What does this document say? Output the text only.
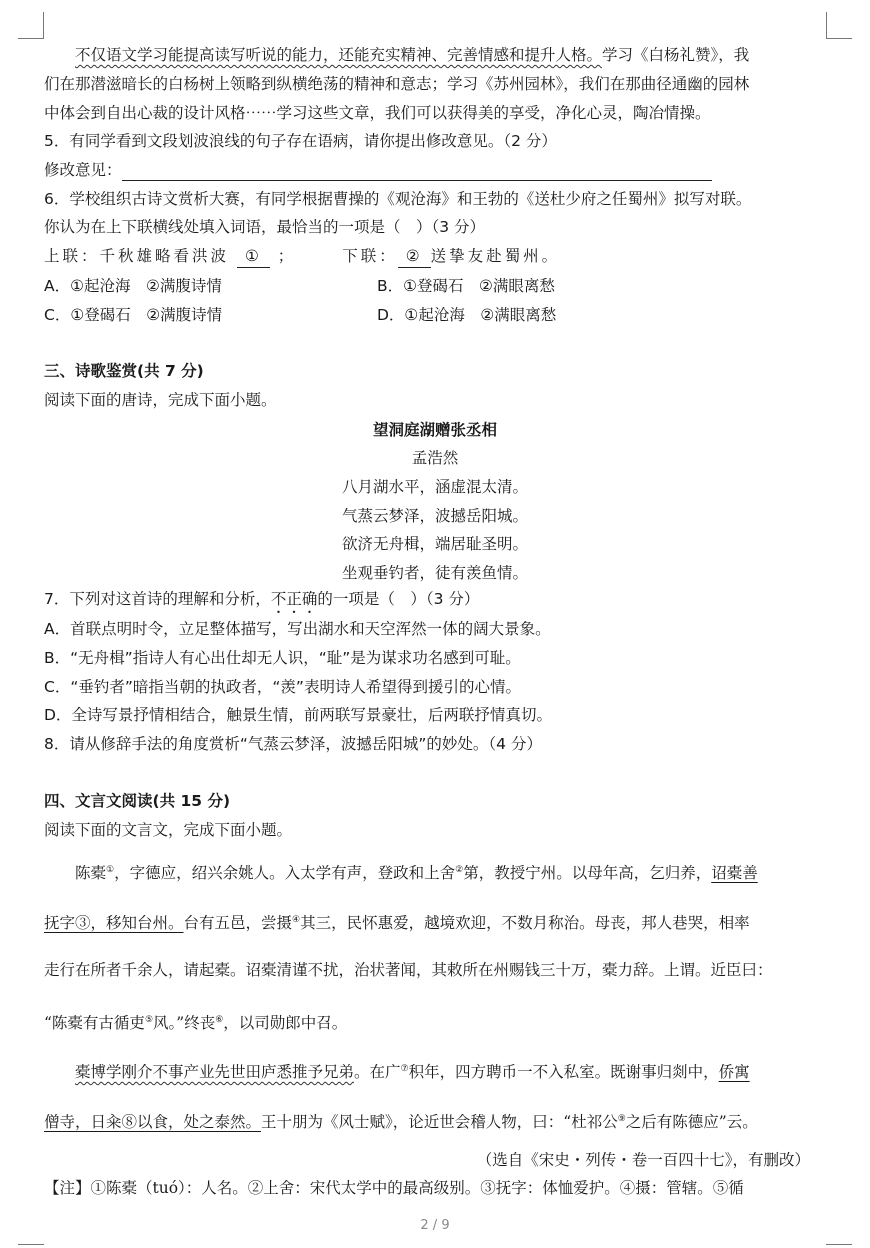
不仅语文学习能提高读写听说的能力，还能充实精神、完善情感和提升人格。学习《白杨礼赞》，我
们在那潜滋暗长的白杨树上领略到纵横绝荡的精神和意志；学习《苏州园林》，我们在那曲径通幽的园林
中体会到自出心裁的设计风格⋯⋯学习这些文章，我们可以获得美的享受，净化心灵，陶冶情操。
5．有同学看到文段划波浪线的句子存在语病，请你提出修改意见。（2 分）
修改意见：
6．学校组织古诗文赏析大赛，有同学根据曹操的《观沧海》和王勃的《送杜少府之任蜀州》拟写对联。
你认为在上下联横线处填入词语，最恰当的一项是（　）（3 分）
上联：千秋雄略看洪波 ① ；	下联： ② 送挚友赴蜀州。
A．①起沧海　②满腹诗情	B．①登碣石　②满眼离愁
C．①登碣石　②满腹诗情	D．①起沧海　②满眼离愁
三、诗歌鉴赏(共 7 分)
阅读下面的唐诗，完成下面小题。
望洞庭湖赠张丞相
孟浩然
八月湖水平，涵虚混太清。
气蒸云梦泽，波撼岳阳城。
欲济无舟楫，端居耻圣明。
坐观垂钓者，徒有羡鱼情。
7．下列对这首诗的理解和分析，不正确的一项是（　）（3 分）
A．首联点明时令，立足整体描写，写出湖水和天空浑然一体的阔大景象。
B．“无舟楫”指诗人有心出仕却无人识，“耻”是为谋求功名感到可耻。
C．“垂钓者”暗指当朝的执政者，“羡”表明诗人希望得到援引的心情。
D．全诗写景抒情相结合，触景生情，前两联写景豪壮，后两联抒情真切。
8．请从修辞手法的角度赏析“气蒸云梦泽，波撼岳阳城”的妙处。（4 分）
四、文言文阅读(共 15 分)
阅读下面的文言文，完成下面小题。
陈橐①，字德应，绍兴余姚人。入太学有声，登政和上舍②第，教授宁州。以母年高，乞归养，诏橐善
抚字③，移知台州。台有五邑，尝摄④其三，民怀惠爱，越境欢迎，不数月称治。母丧，邦人巷哭，相率
走行在所者千余人，请起橐。诏橐清谨不扰，治状著闻，其敕所在州赐钱三十万，橐力辞。上谓。近臣曰：
“陈橐有古循吏⑤风。”终丧⑥，以司勋郎中召。
橐博学刚介不事产业先世田庐悉推予兄弟。在广⑦积年，四方聘币一不入私室。既谢事归剡中，侨寓
僧寺，日籴⑧以食，处之泰然。王十朋为《风士赋》，论近世会稽人物，曰：“杜祁公⑨之后有陈德应”云。
（选自《宋史・列传・卷一百四十七》，有删改）
【注】①陈橐（tuó）：人名。②上舍：宋代太学中的最高级别。③抚字：体恤爱护。④摄：管辖。⑤循
2 / 9
